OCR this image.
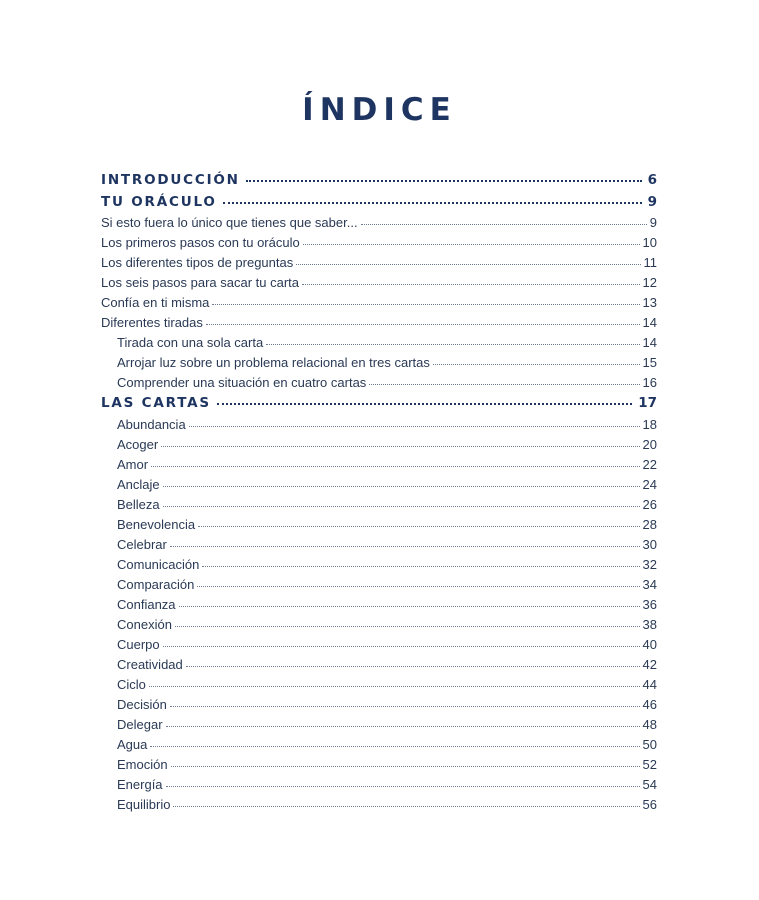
ÍNDICE
INTRODUCCIÓN	6
TU ORÁCULO	9
Si esto fuera lo único que tienes que saber...	9
Los primeros pasos con tu oráculo	10
Los diferentes tipos de preguntas	11
Los seis pasos para sacar tu carta	12
Confía en ti misma	13
Diferentes tiradas	14
Tirada con una sola carta	14
Arrojar luz sobre un problema relacional en tres cartas	15
Comprender una situación en cuatro cartas	16
LAS CARTAS	17
Abundancia	18
Acoger	20
Amor	22
Anclaje	24
Belleza	26
Benevolencia	28
Celebrar	30
Comunicación	32
Comparación	34
Confianza	36
Conexión	38
Cuerpo	40
Creatividad	42
Ciclo	44
Decisión	46
Delegar	48
Agua	50
Emoción	52
Energía	54
Equilibrio	56
